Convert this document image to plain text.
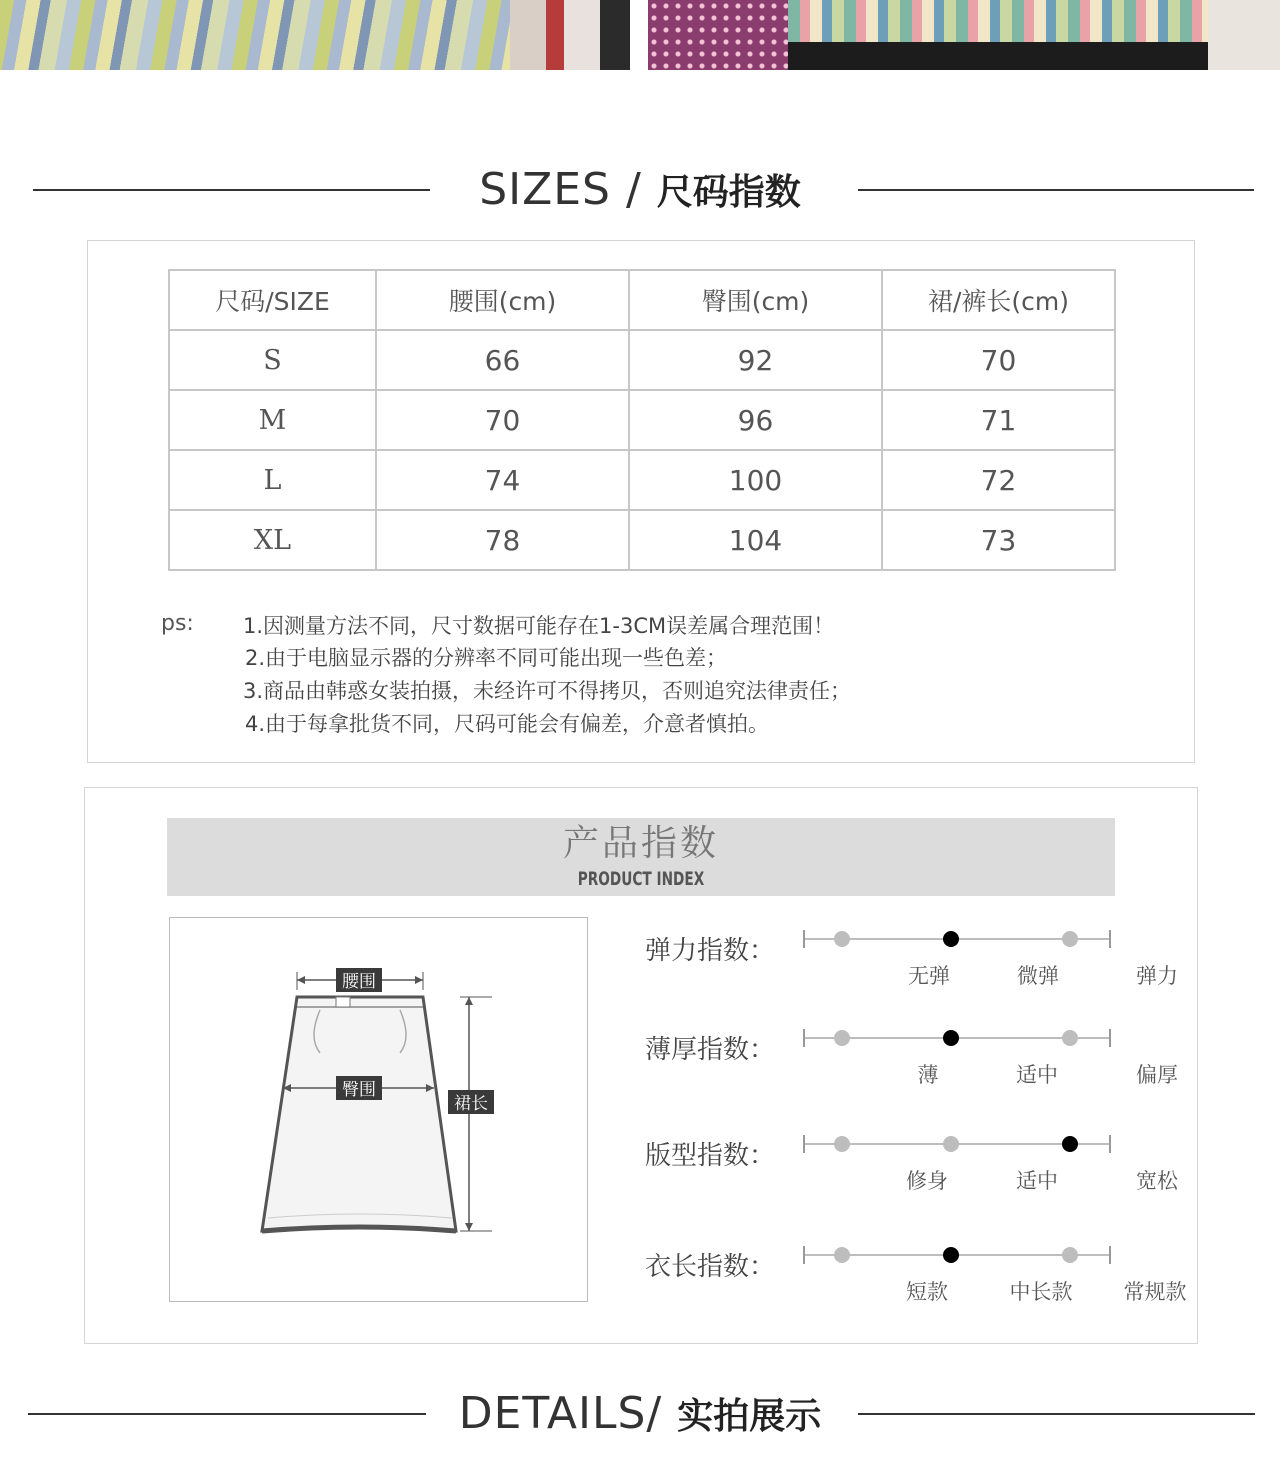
SIZES / 尺码指数
尺码/SIZE	腰围(cm)	臀围(cm)	裙/裤长(cm)
S	66	92	70
M	70	96	71
L	74	100	72
XL	78	104	73
ps: 1.因测量方法不同，尺寸数据可能存在1-3CM误差属合理范围！
2.由于电脑显示器的分辨率不同可能出现一些色差；
3.商品由韩惑女装拍摄，未经许可不得拷贝，否则追究法律责任；
4.由于每拿批货不同，尺码可能会有偏差，介意者慎拍。
产品指数
PRODUCT INDEX
腰围
臀围
裙长
弹力指数：
无弹	微弹	弹力
薄厚指数：
薄	适中	偏厚
版型指数：
修身	适中	宽松
衣长指数：
短款	中长款 常规款
DETAILS/ 实拍展示
